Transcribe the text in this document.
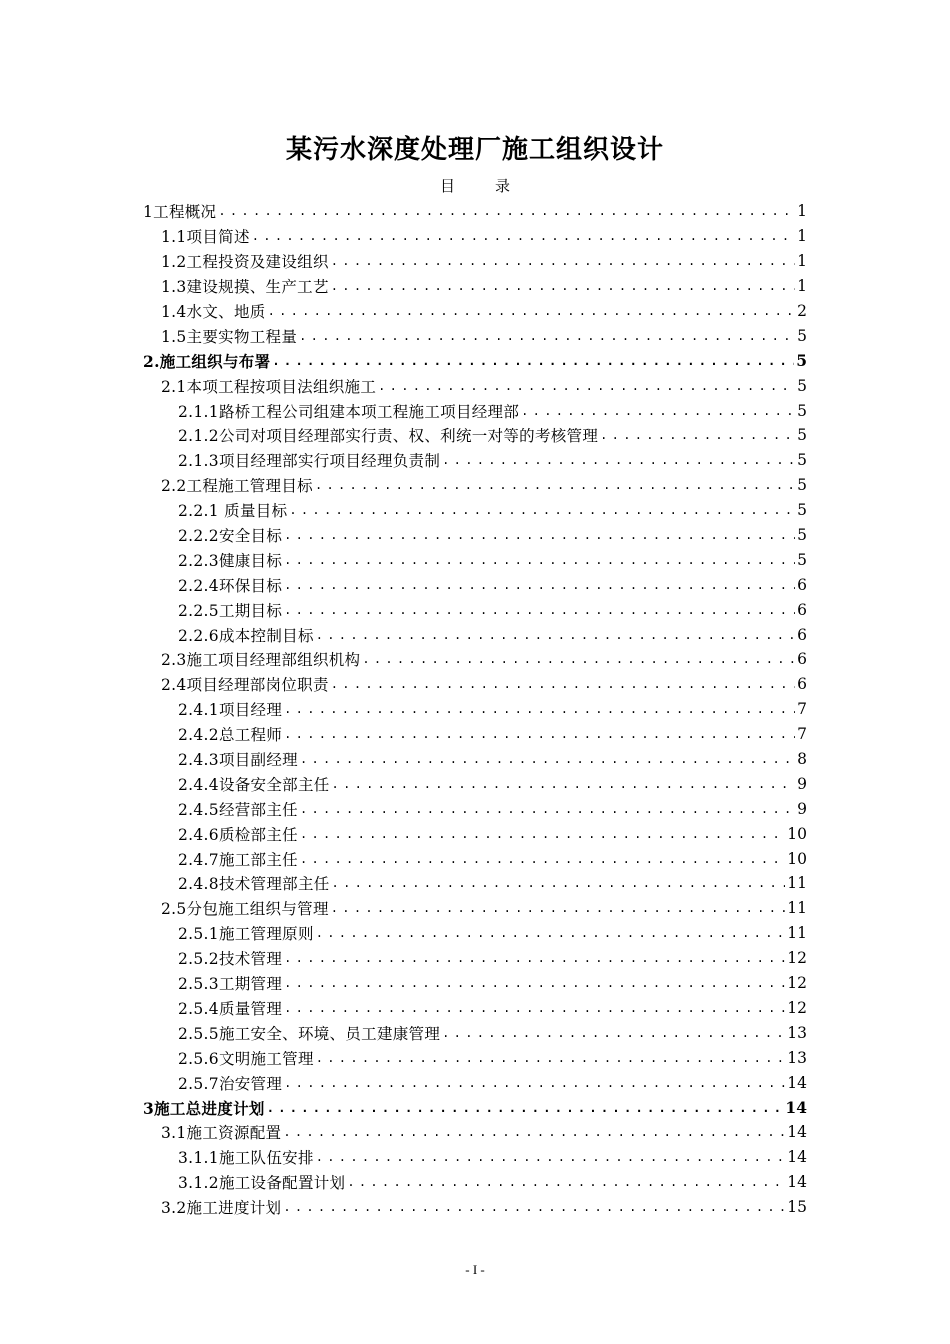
某污水深度处理厂施工组织设计
目	录
1工程概况 .....	1
1.1项目简述 .....	1
1.2工程投资及建设组织 .....	1
1.3建设规摸、生产工艺 .....	1
1.4水文、地质 .....	2
1.5主要实物工程量 .....	5
2.施工组织与布署 .....	5
2.1本项工程按项目法组织施工 .....	5
2.1.1路桥工程公司组建本项工程施工项目经理部 .....	5
2.1.2公司对项目经理部实行责、权、利统一对等的考核管理 .....	5
2.1.3项目经理部实行项目经理负责制 .....	5
2.2工程施工管理目标 .....	5
2.2.1 质量目标 .....	5
2.2.2安全目标 .....	5
2.2.3健康目标 .....	5
2.2.4环保目标 .....	6
2.2.5工期目标 .....	6
2.2.6成本控制目标 .....	6
2.3施工项目经理部组织机构 .....	6
2.4项目经理部岗位职责 .....	6
2.4.1项目经理 .....	7
2.4.2总工程师 .....	7
2.4.3项目副经理 .....	8
2.4.4设备安全部主任 .....	9
2.4.5经营部主任 .....	9
2.4.6质检部主任 .....	10
2.4.7施工部主任 .....	10
2.4.8技术管理部主任 .....	11
2.5分包施工组织与管理 .....	11
2.5.1施工管理原则 .....	11
2.5.2技术管理 .....	12
2.5.3工期管理 .....	12
2.5.4质量管理 .....	12
2.5.5施工安全、环境、员工建康管理 .....	13
2.5.6文明施工管理 .....	13
2.5.7治安管理 .....	14
3施工总进度计划 .....	14
3.1施工资源配置 .....	14
3.1.1施工队伍安排 .....	14
3.1.2施工设备配置计划 .....	14
3.2施工进度计划 .....	15
- I -
